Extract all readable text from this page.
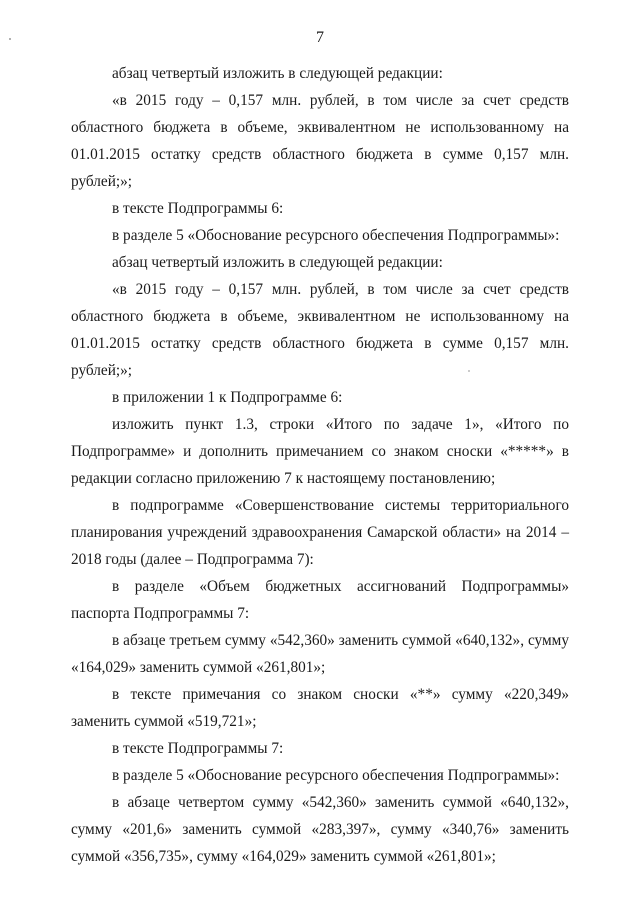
7

абзац четвертый изложить в следующей редакции:

«в 2015 году – 0,157 млн. рублей, в том числе за счет средств областного бюджета в объеме, эквивалентном не использованному на 01.01.2015 остатку средств областного бюджета в сумме 0,157 млн. рублей;»;

в тексте Подпрограммы 6:

в разделе 5 «Обоснование ресурсного обеспечения Подпрограммы»:

абзац четвертый изложить в следующей редакции:

«в 2015 году – 0,157 млн. рублей, в том числе за счет средств областного бюджета в объеме, эквивалентном не использованному на 01.01.2015 остатку средств областного бюджета в сумме 0,157 млн. рублей;»;

в приложении 1 к Подпрограмме 6:

изложить пункт 1.3, строки «Итого по задаче 1», «Итого по Подпрограмме» и дополнить примечанием со знаком сноски «*****» в редакции согласно приложению 7 к настоящему постановлению;

в подпрограмме «Совершенствование системы территориального планирования учреждений здравоохранения Самарской области» на 2014 – 2018 годы (далее – Подпрограмма 7):

в разделе «Объем бюджетных ассигнований Подпрограммы» паспорта Подпрограммы 7:

в абзаце третьем сумму «542,360» заменить суммой «640,132», сумму «164,029» заменить суммой «261,801»;

в тексте примечания со знаком сноски «**» сумму «220,349» заменить суммой «519,721»;

в тексте Подпрограммы 7:

в разделе 5 «Обоснование ресурсного обеспечения Подпрограммы»:

в абзаце четвертом сумму «542,360» заменить суммой «640,132», сумму «201,6» заменить суммой «283,397», сумму «340,76» заменить суммой «356,735», сумму «164,029» заменить суммой «261,801»;
